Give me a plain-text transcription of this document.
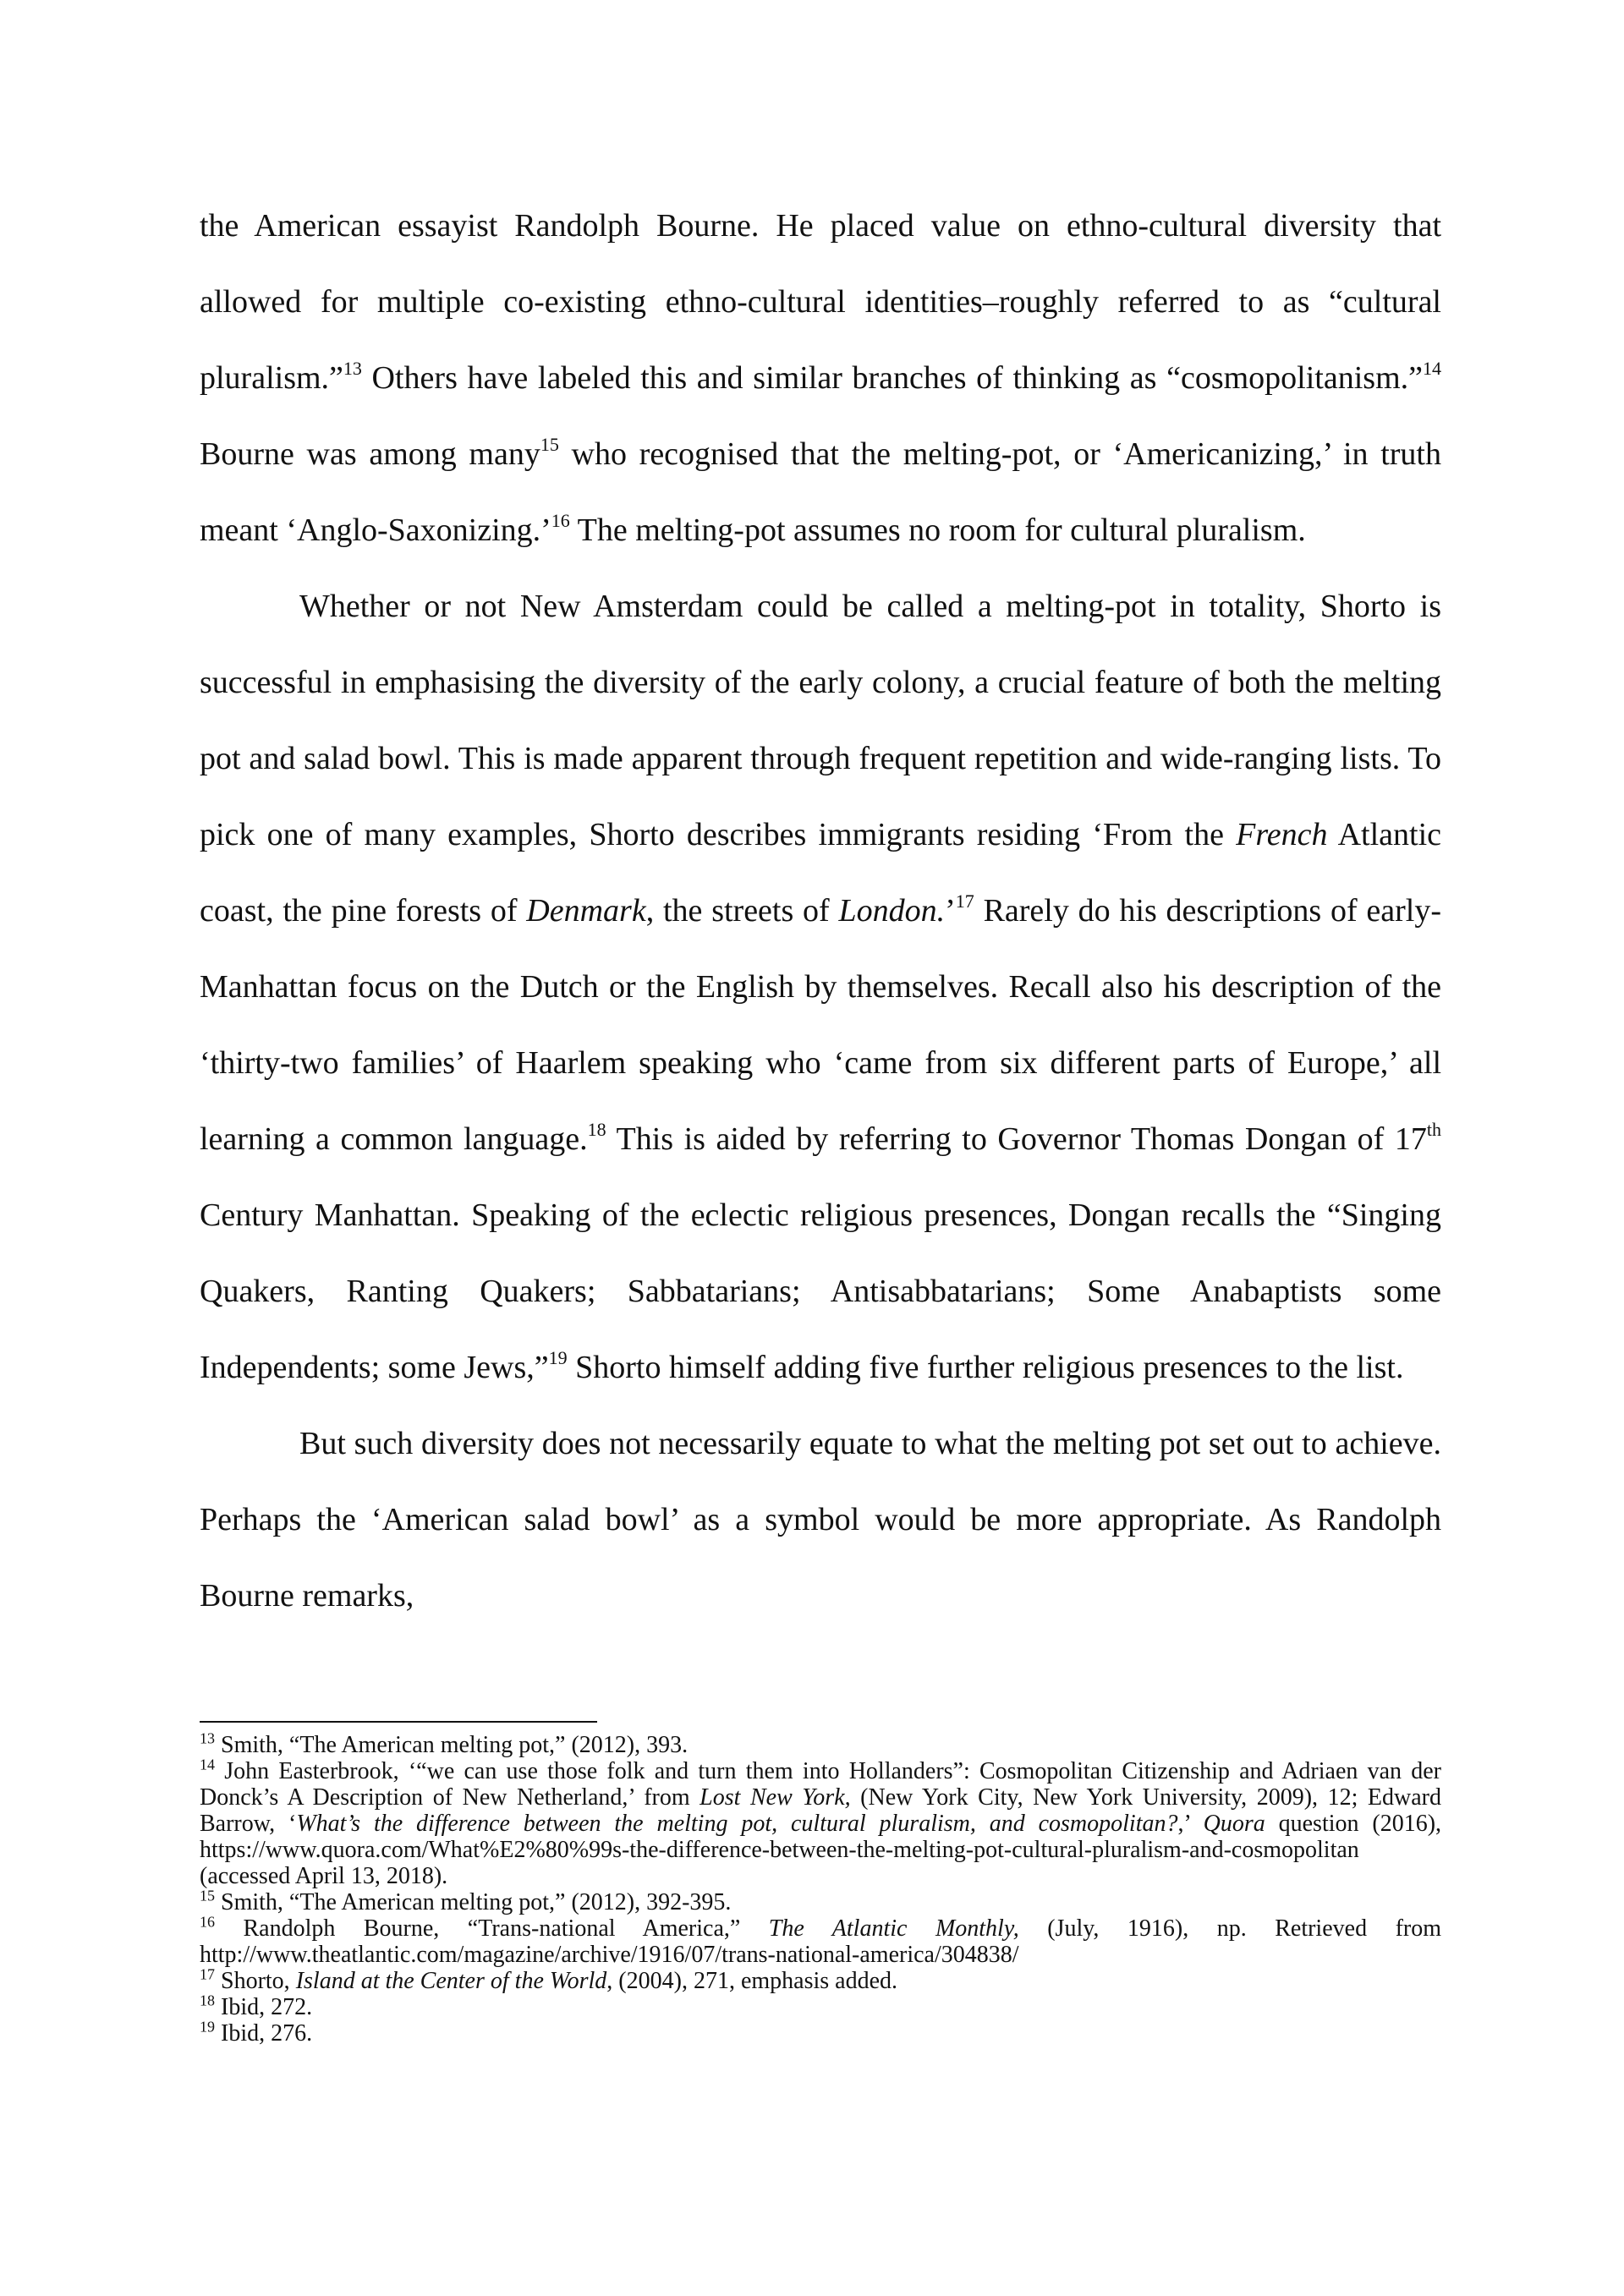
the American essayist Randolph Bourne. He placed value on ethno-cultural diversity that allowed for multiple co-existing ethno-cultural identities–roughly referred to as “cultural pluralism.”$^{13}$ Others have labeled this and similar branches of thinking as “cosmopolitanism.”$^{14}$ Bourne was among many$^{15}$ who recognised that the melting-pot, or ‘Americanizing,’ in truth meant ‘Anglo-Saxonizing.’$^{16}$ The melting-pot assumes no room for cultural pluralism.

Whether or not New Amsterdam could be called a melting-pot in totality, Shorto is successful in emphasising the diversity of the early colony, a crucial feature of both the melting pot and salad bowl. This is made apparent through frequent repetition and wide-ranging lists. To pick one of many examples, Shorto describes immigrants residing ‘From the French Atlantic coast, the pine forests of Denmark, the streets of London.’$^{17}$ Rarely do his descriptions of early-Manhattan focus on the Dutch or the English by themselves. Recall also his description of the ‘thirty-two families’ of Haarlem speaking who ‘came from six different parts of Europe,’ all learning a common language.$^{18}$ This is aided by referring to Governor Thomas Dongan of 17th Century Manhattan. Speaking of the eclectic religious presences, Dongan recalls the “Singing Quakers, Ranting Quakers; Sabbatarians; Antisabbatarians; Some Anabaptists some Independents; some Jews,”$^{19}$ Shorto himself adding five further religious presences to the list.

But such diversity does not necessarily equate to what the melting pot set out to achieve. Perhaps the ‘American salad bowl’ as a symbol would be more appropriate. As Randolph Bourne remarks,

$^{13}$ Smith, “The American melting pot,” (2012), 393.

$^{14}$ John Easterbrook, ‘“we can use those folk and turn them into Hollanders”: Cosmopolitan Citizenship and Adriaen van der Donck’s A Description of New Netherland,’ from Lost New York, (New York City, New York University, 2009), 12; Edward Barrow, ‘What’s the difference between the melting pot, cultural pluralism, and cosmopolitan?,’ Quora question (2016), https://www.quora.com/What%E2%80%99s-the-difference-between-the-melting-pot-cultural-pluralism-and-cosmopolitan (accessed April 13, 2018).

$^{15}$ Smith, “The American melting pot,” (2012), 392-395.

$^{16}$ Randolph Bourne, “Trans-national America,” The Atlantic Monthly, (July, 1916), np. Retrieved from http://www.theatlantic.com/magazine/archive/1916/07/trans-national-america/304838/

$^{17}$ Shorto, Island at the Center of the World, (2004), 271, emphasis added.

$^{18}$ Ibid, 272.

$^{19}$ Ibid, 276.
